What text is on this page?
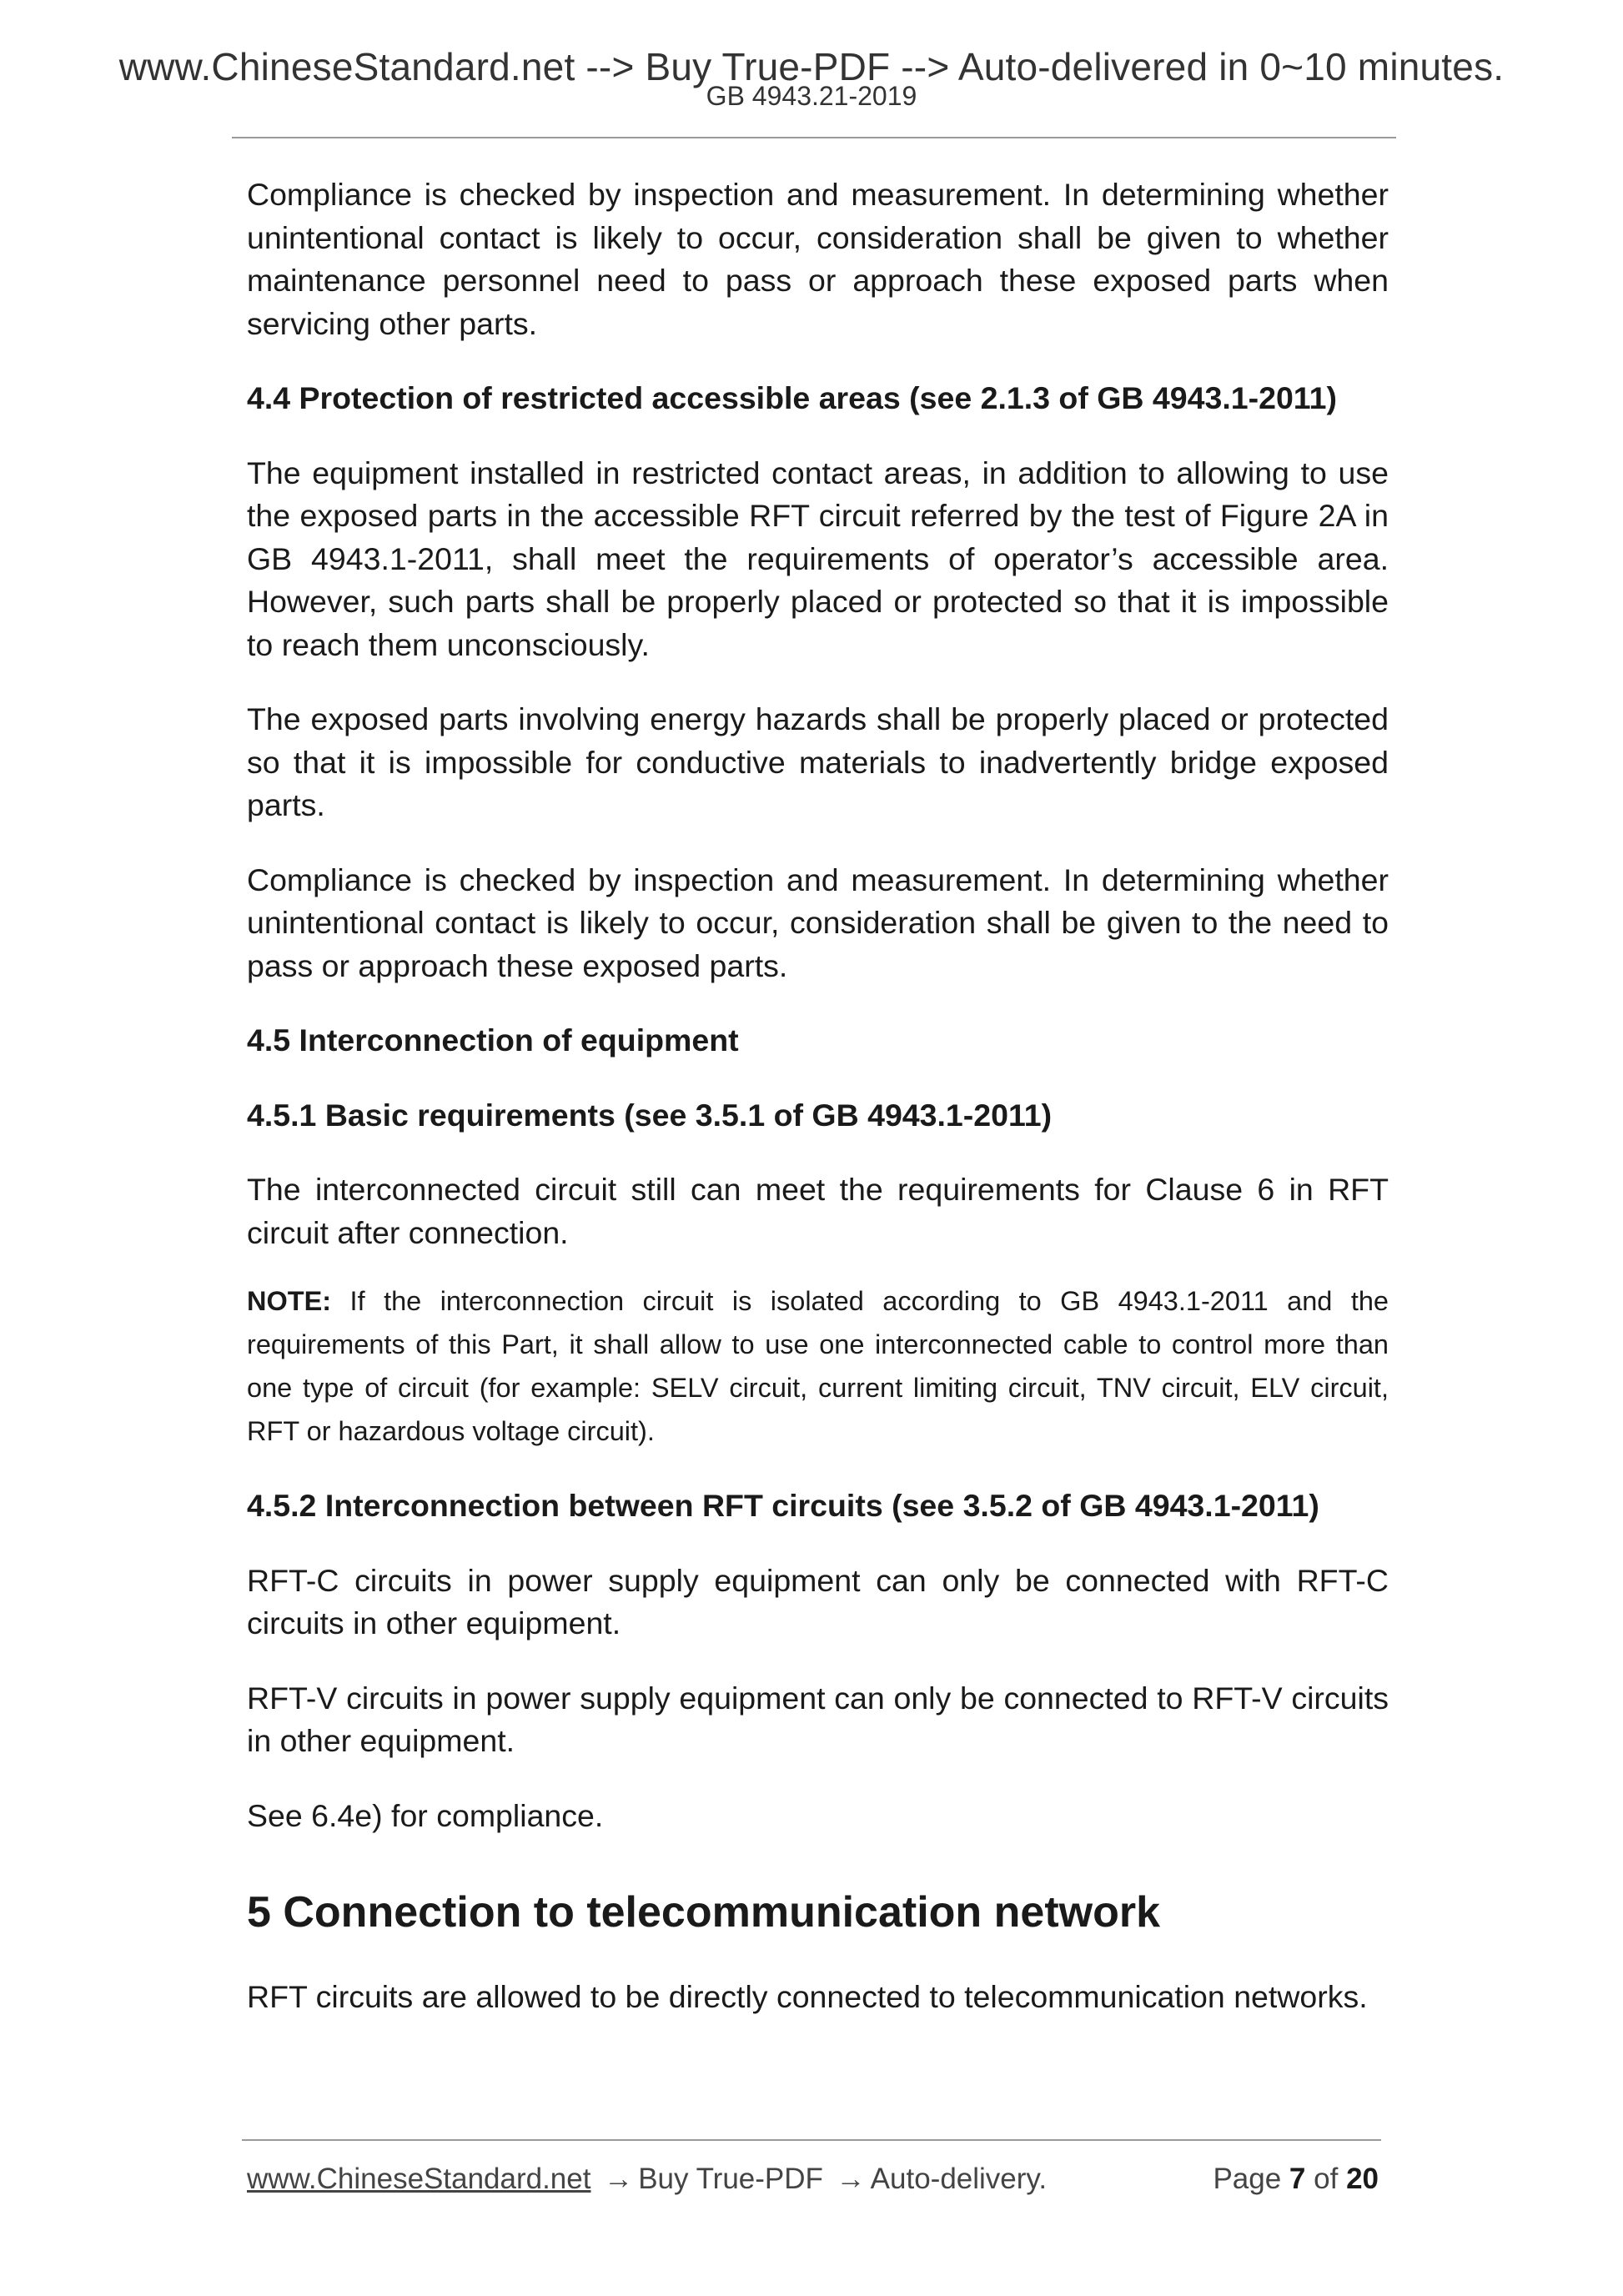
www.ChineseStandard.net --> Buy True-PDF --> Auto-delivered in 0~10 minutes.
GB 4943.21-2019

Compliance is checked by inspection and measurement. In determining whether unintentional contact is likely to occur, consideration shall be given to whether maintenance personnel need to pass or approach these exposed parts when servicing other parts.

4.4 Protection of restricted accessible areas (see 2.1.3 of GB 4943.1-2011)

The equipment installed in restricted contact areas, in addition to allowing to use the exposed parts in the accessible RFT circuit referred by the test of Figure 2A in GB 4943.1-2011, shall meet the requirements of operator’s accessible area. However, such parts shall be properly placed or protected so that it is impossible to reach them unconsciously.

The exposed parts involving energy hazards shall be properly placed or protected so that it is impossible for conductive materials to inadvertently bridge exposed parts.

Compliance is checked by inspection and measurement. In determining whether unintentional contact is likely to occur, consideration shall be given to the need to pass or approach these exposed parts.

4.5 Interconnection of equipment
4.5.1 Basic requirements (see 3.5.1 of GB 4943.1-2011)

The interconnected circuit still can meet the requirements for Clause 6 in RFT circuit after connection.

NOTE: If the interconnection circuit is isolated according to GB 4943.1-2011 and the requirements of this Part, it shall allow to use one interconnected cable to control more than one type of circuit (for example: SELV circuit, current limiting circuit, TNV circuit, ELV circuit, RFT or hazardous voltage circuit).

4.5.2 Interconnection between RFT circuits (see 3.5.2 of GB 4943.1-2011)

RFT-C circuits in power supply equipment can only be connected with RFT-C circuits in other equipment.

RFT-V circuits in power supply equipment can only be connected to RFT-V circuits in other equipment.

See 6.4e) for compliance.

5 Connection to telecommunication network

RFT circuits are allowed to be directly connected to telecommunication networks.

www.ChineseStandard.net → Buy True-PDF → Auto-delivery.	Page 7 of 20
